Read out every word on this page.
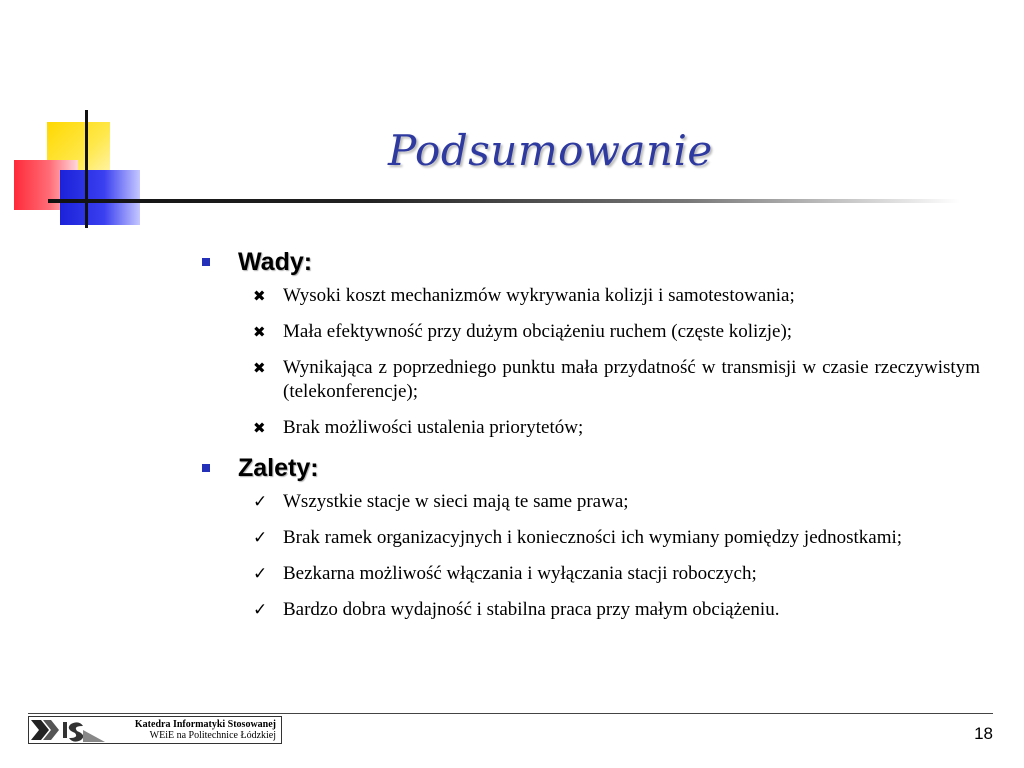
Podsumowanie
Wady:
✖ Wysoki koszt mechanizmów wykrywania kolizji i samotestowania;
✖ Mała efektywność przy dużym obciążeniu ruchem (częste kolizje);
✖ Wynikająca z poprzedniego punktu mała przydatność w transmisji w czasie rzeczywistym (telekonferencje);
✖ Brak możliwości ustalenia priorytetów;
Zalety:
✓ Wszystkie stacje w sieci mają te same prawa;
✓ Brak ramek organizacyjnych i konieczności ich wymiany pomiędzy jednostkami;
✓ Bezkarna możliwość włączania i wyłączania stacji roboczych;
✓ Bardzo dobra wydajność i stabilna praca przy małym obciążeniu.
Katedra Informatyki Stosowanej
WEiE na Politechnice Łódzkiej	18
